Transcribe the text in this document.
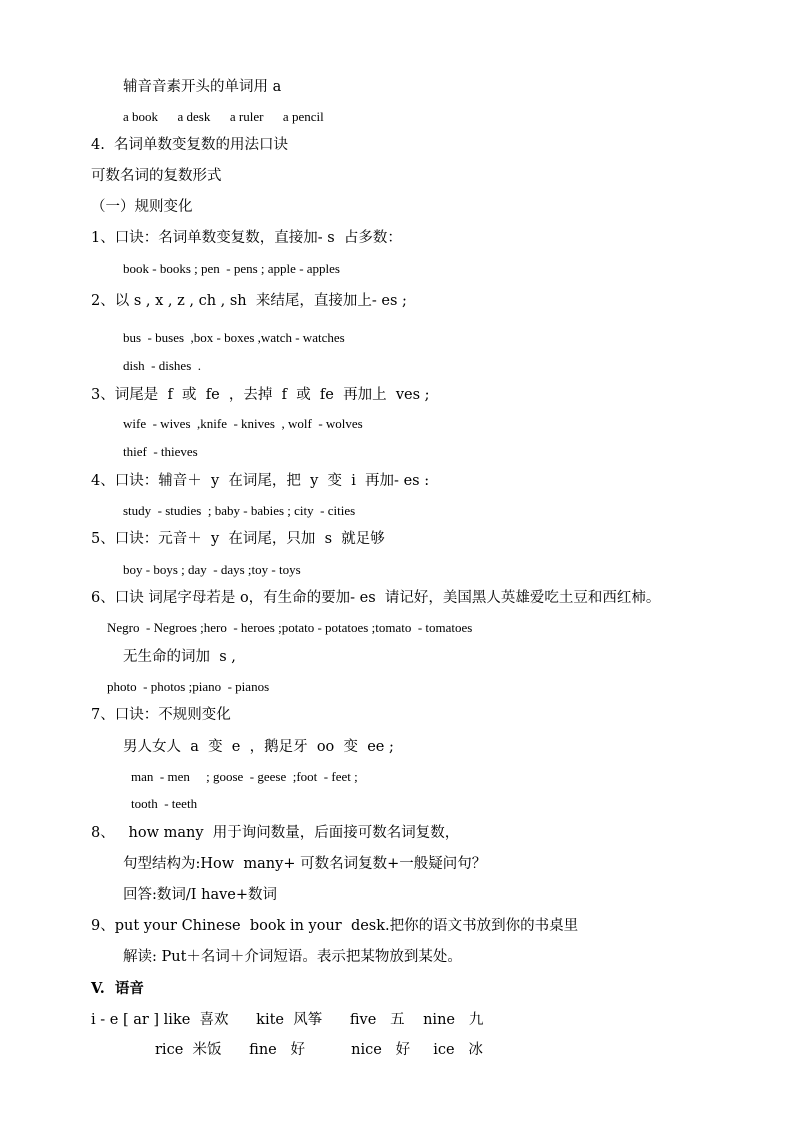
辅音音素开头的单词用 a
a book      a desk      a ruler      a pencil
4.  名词单数变复数的用法口诀
可数名词的复数形式
（一）规则变化
1、口诀：名词单数变复数，直接加- s  占多数：
book - books ; pen  - pens ; apple - apples
2、以 s , x , z , ch , sh  来结尾，直接加上- es ;
bus  - buses  ,box - boxes ,watch - watches
dish  - dishes  .
3、词尾是  f  或  fe  ，去掉  f  或  fe  再加上  ves ;
wife  - wives  ,knife  - knives  , wolf  - wolves
thief  - thieves
4、口诀：辅音＋  y  在词尾，把  y  变  i  再加- es :
study  - studies  ; baby - babies ; city  - cities
5、口诀：元音＋  y  在词尾，只加  s  就足够
boy - boys ; day  - days ;toy - toys
6、口诀 词尾字母若是 o，有生命的要加- es  请记好，美国黑人英雄爱吃土豆和西红柿。
Negro  - Negroes ;hero  - heroes ;potato - potatoes ;tomato  - tomatoes
无生命的词加  s ,
photo  - photos ;piano  - pianos
7、口诀：不规则变化
男人女人  a  变  e  ，鹅足牙  oo  变  ee ;
man  - men     ; goose  - geese  ;foot  - feet ;
tooth  - teeth
8、   how many  用于询问数量，后面接可数名词复数，
句型结构为:How  many+ 可数名词复数+一般疑问句？
回答:数词/I have+数词
9、put your Chinese  book in your  desk.把你的语文书放到你的书桌里
解读: Put＋名词＋介词短语。表示把某物放到某处。
V.  语音
i - e [ ar ] like  喜欢      kite  风筝      five   五    nine   九
rice  米饭      fine   好          nice   好     ice   冰
